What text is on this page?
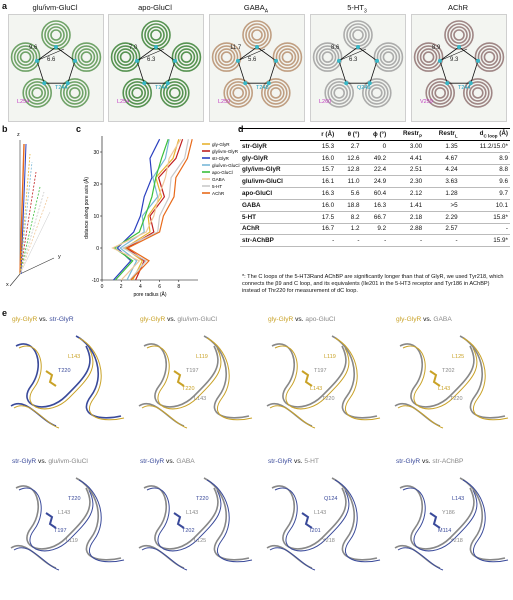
a	glu/ivm-GluCl
9.6
6.6
L254
T244
apo-GluCl
7.0
6.3
L254
T244
$GABA_A$
11.7
5.6
L259
T248
$5-HT_3$
8.6
6.3
L260
Q249
AChR
8.9
9.3
V259
T244
b
z
x
y
c
0	2	4	6	8
-10
0
10
20
30
pore radius (Å)
distance along pore axis (Å)
gly-GlyR
gly/ivm-GlyR
str-GlyR
glu/ivm-GluCl
apo-GluCl
GABA
5-HT
AChR
d
	r (Å)	θ (°)	ϕ (°)	Restr$_P$	Restr$_L$	$d_{C loop}$ (Å)
str-GlyR	15.3	2.7	0	3.00	1.35	11.2/15.0*
gly-GlyR	16.0	12.6	49.2	4.41	4.67	8.9
gly/ivm-GlyR	15.7	12.8	22.4	2.51	4.24	8.8
glu/ivm-GluCl	16.1	11.0	24.9	2.30	3.63	9.6
apo-GluCl	16.3	5.6	60.4	2.12	1.28	9.7
GABA	16.0	18.8	16.3	1.41	>5	10.1
5-HT	17.5	8.2	66.7	2.18	2.29	15.8*
AChR	16.7	1.2	9.2	2.88	2.57	-
str-AChBP	-	-	-	-	-	15.9*
*: The C loops of the 5-HT3Rand AChBP are significantly longer than that of GlyR, we used Tyr218, which connects the β9 and C loop, and its equivalents (Ile201 in the 5-HT3 receptor and Tyr186 in AChBP) instead of Thr220 for measurement of dC loop.
e
gly-GlyR vs. str-GlyR
L143
T220
gly-GlyR vs. glu/ivm-GluCl
L119
T197
T220
L143
gly-GlyR vs. apo-GluCl
L119
T197
L143
T220
gly-GlyR vs. GABA
L125
T202
L143
T220
str-GlyR vs. glu/ivm-GluCl
T220
L143
T197
L119
str-GlyR vs. GABA
T220
L143
T202
L125
str-GlyR vs. 5-HT
Q124
L143
I201
Y218
str-GlyR vs. str-AChBP
L143
Y186
M114
Y218
